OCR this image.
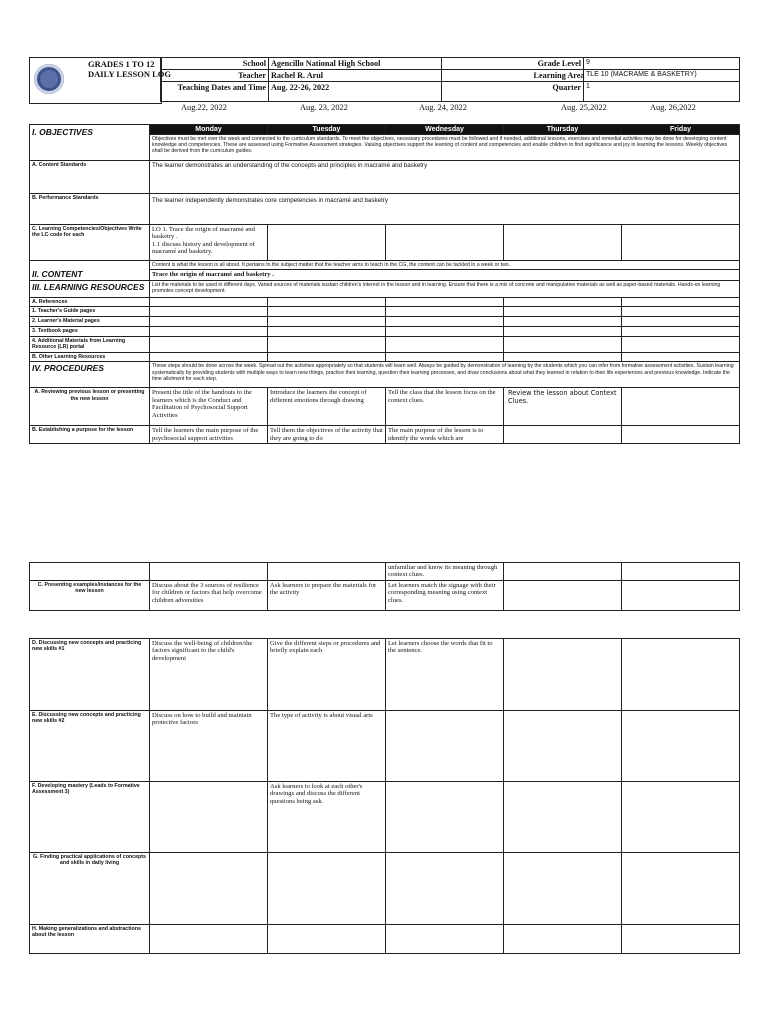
GRADES 1 TO 12
DAILY LESSON LOG
School	Agencillo National High School		Grade Level	9
Teacher	Rachel R. Arul		Learning Area	TLE 10 (MACRAME & BASKETRY)
Teaching Dates and Time	Aug. 22-26, 2022		Quarter	1
Aug.22, 2022	Aug. 23, 2022	Aug. 24, 2022	Aug. 25,2022	Aug. 26,2022
	Monday	Tuesday	Wednesday	Thursday	Friday

I. OBJECTIVES	Objectives must be met over the week and connected to the curriculum standards. To meet the objectives, necessary procedures must be followed and if needed, additional lessons, exercises and remedial activities may be done for developing content knowledge and competencies. These are assessed using Formative Assessment strategies. Valuing objectives support the learning of content and competencies and enable children to find significance and joy in learning the lessons. Weekly objectives shall be derived from the curriculum guides.				
A. Content Standards	The learner demonstrates an understanding of the concepts and principles in macramé and basketry				
B. Performance Standards	The learner independently demonstrates core competencies in macramé and basketry				
C. Learning Competencies/Objectives Write the LC code for each	LO 1. Trace the origin of macramé and basketry .
1.1 discuss history and development of macramé and basketry.				

II. CONTENT	Content is what the lesson is all about. It pertains to the subject matter that the teacher aims to teach in the CG, the content can be tackled in a week or two.				
	Trace the origin of macramé and basketry .				

III. LEARNING RESOURCES	List the materials to be used in different days. Varied sources of materials sustain children's interest in the lesson and in learning. Ensure that there is a mix of concrete and manipulative materials as well as paper-based materials. Hands-on learning promotes concept development.				
A. References					
1. Teacher's Guide pages					
2. Learner's Material pages					
3. Textbook pages					
4. Additional Materials from Learning Resource (LR) portal					
B. Other Learning Resources					

IV. PROCEDURES	These steps should be done across the week. Spread out the activities appropriately so that students will learn well. Always be guided by demonstration of learning by the students which you can infer from formative assessment activities. Sustain learning systematically by providing students with multiple ways to learn new things, practice their learning, question their learning processes, and draw conclusions about what they learned in relation to their life experiences and previous knowledge. Indicate the time allotment for each step.				
A. Reviewing previous lesson or presenting the new lesson	Present the title of the handouts to the learners which is the Conduct and Facilitation of Psychosocial Support Activities	Introduce the learners the concept of different emotions through drawing	Tell the class that the lesson focus on the context clues.	Review the lesson about Context Clues.	
B. Establishing a purpose for the lesson	Tell the learners the main purpose of the psychosocial support activities	Tell them the objectives of the activity that they are going to do	The main purpose of the lesson is to identify the words which are		
			unfamiliar and know its meaning through context clues.		
C. Presenting examples/instances for the new lesson	Discuss about the 3 sources of resilience for children or factors that help overcome children adversities	Ask learners to prepare the materials for the activity	Let learners match the signage with their corresponding meaning using context clues.		
D. Discussing new concepts and practicing new skills #1	Discuss the well-being of children/the factors significant to the child's development	Give the different steps or procedures and briefly explain each	Let learners choose the words that fit to the sentence.		
E. Discussing new concepts and practicing new skills #2	Discuss on how to build and maintain protective factors	The type of activity is about visual arts			
F. Developing mastery (Leads to Formative Assessment 3)		Ask learners to look at each other's drawings and discuss the different questions being ask.			
G. Finding practical applications of concepts and skills in daily living					
H. Making generalizations and abstractions about the lesson					
